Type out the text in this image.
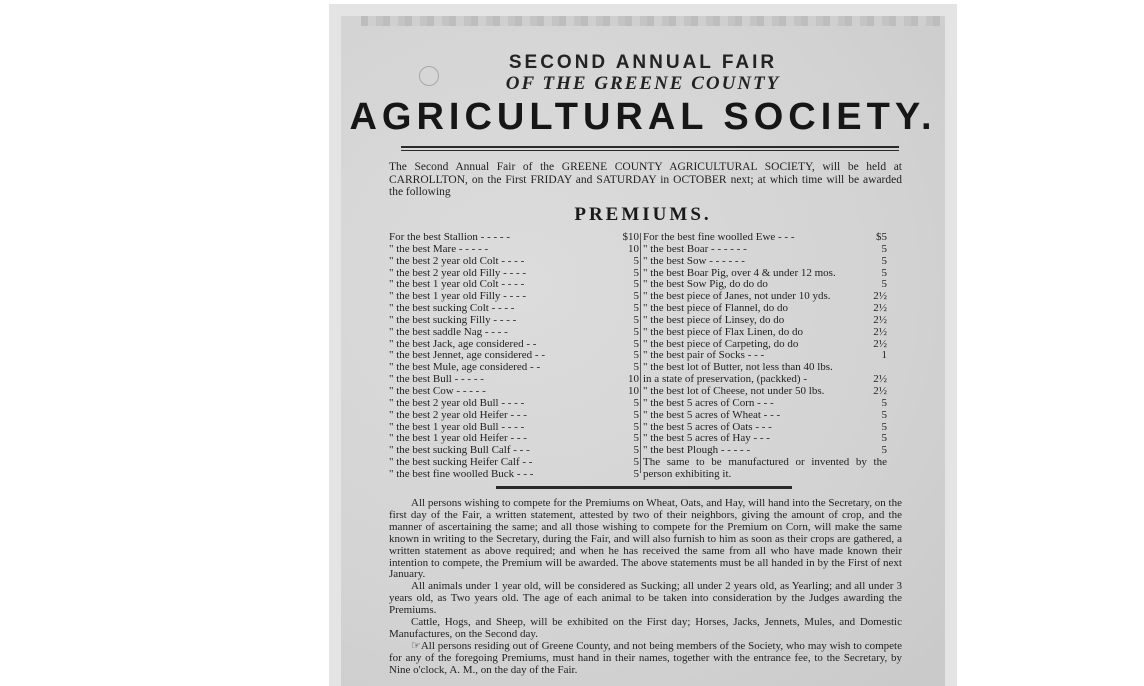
SECOND ANNUAL FAIR
OF THE GREENE COUNTY
AGRICULTURAL SOCIETY.
The Second Annual Fair of the GREENE COUNTY AGRICULTURAL SOCIETY, will be held at CARROLLTON, on the First FRIDAY and SATURDAY in OCTOBER next; at which time will be awarded the following
PREMIUMS.
For the best Stallion - - - - -	$10
" the best Mare - - - - -	10
" the best 2 year old Colt - - - -	5
" the best 2 year old Filly - - - -	5
" the best 1 year old Colt - - - -	5
" the best 1 year old Filly - - - -	5
" the best sucking Colt - - - -	5
" the best sucking Filly - - - -	5
" the best saddle Nag - - - -	5
" the best Jack, age considered - -	5
" the best Jennet, age considered - -	5
" the best Mule, age considered - -	5
" the best Bull - - - - -	10
" the best Cow - - - - -	10
" the best 2 year old Bull - - - -	5
" the best 2 year old Heifer - - -	5
" the best 1 year old Bull - - - -	5
" the best 1 year old Heifer - - -	5
" the best sucking Bull Calf - - -	5
" the best sucking Heifer Calf - -	5
" the best fine woolled Buck - - -	5
For the best fine woolled Ewe - - -	$5
" the best Boar - - - - - -	5
" the best Sow - - - - - -	5
" the best Boar Pig, over 4 & under 12 mos.	5
" the best Sow Pig, do do do	5
" the best piece of Janes, not under 10 yds.	2½
" the best piece of Flannel, do do	2½
" the best piece of Linsey, do do	2½
" the best piece of Flax Linen, do do	2½
" the best piece of Carpeting, do do	2½
" the best pair of Socks - - -	1
" the best lot of Butter, not less than 40 lbs.
in a state of preservation, (packked) -	2½
" the best lot of Cheese, not under 50 lbs.	2½
" the best 5 acres of Corn - - -	5
" the best 5 acres of Wheat - - -	5
" the best 5 acres of Oats - - -	5
" the best 5 acres of Hay - - -	5
" the best Plough - - - - -	5
The same to be manufactured or invented by the person exhibiting it.

All persons wishing to compete for the Premiums on Wheat, Oats, and Hay, will hand into the Secretary, on the first day of the Fair, a written statement, attested by two of their neighbors, giving the amount of crop, and the manner of ascertaining the same; and all those wishing to compete for the Premium on Corn, will make the same known in writing to the Secretary, during the Fair, and will also furnish to him as soon as their crops are gathered, a written statement as above required; and when he has received the same from all who have made known their intention to compete, the Premium will be awarded. The above statements must be all handed in by the First of next January.

All animals under 1 year old, will be considered as Sucking; all under 2 years old, as Yearling; and all under 3 years old, as Two years old. The age of each animal to be taken into consideration by the Judges awarding the Premiums.

Cattle, Hogs, and Sheep, will be exhibited on the First day; Horses, Jacks, Jennets, Mules, and Domestic Manufactures, on the Second day.

☞All persons residing out of Greene County, and not being members of the Society, who may wish to compete for any of the foregoing Premiums, must hand in their names, together with the entrance fee, to the Secretary, by Nine o'clock, A. M., on the day of the Fair.
